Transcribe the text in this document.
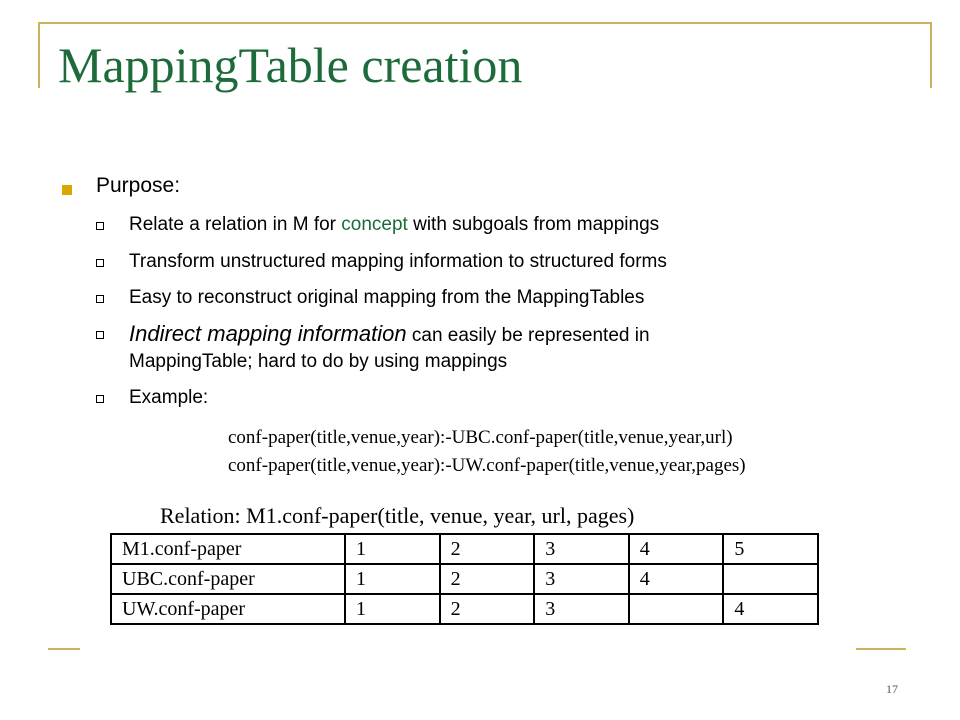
MappingTable creation
Purpose:
Relate a relation in M for concept with subgoals from mappings
Transform unstructured mapping information to structured forms
Easy to reconstruct original mapping from the MappingTables
Indirect mapping information can easily be represented in
MappingTable; hard to do by using mappings
Example:
conf-paper(title,venue,year):-UBC.conf-paper(title,venue,year,url)
conf-paper(title,venue,year):-UW.conf-paper(title,venue,year,pages)
Relation: M1.conf-paper(title, venue, year, url, pages)
M1.conf-paper	1	2	3	4	5
UBC.conf-paper	1	2	3	4	
UW.conf-paper	1	2	3		4
17
